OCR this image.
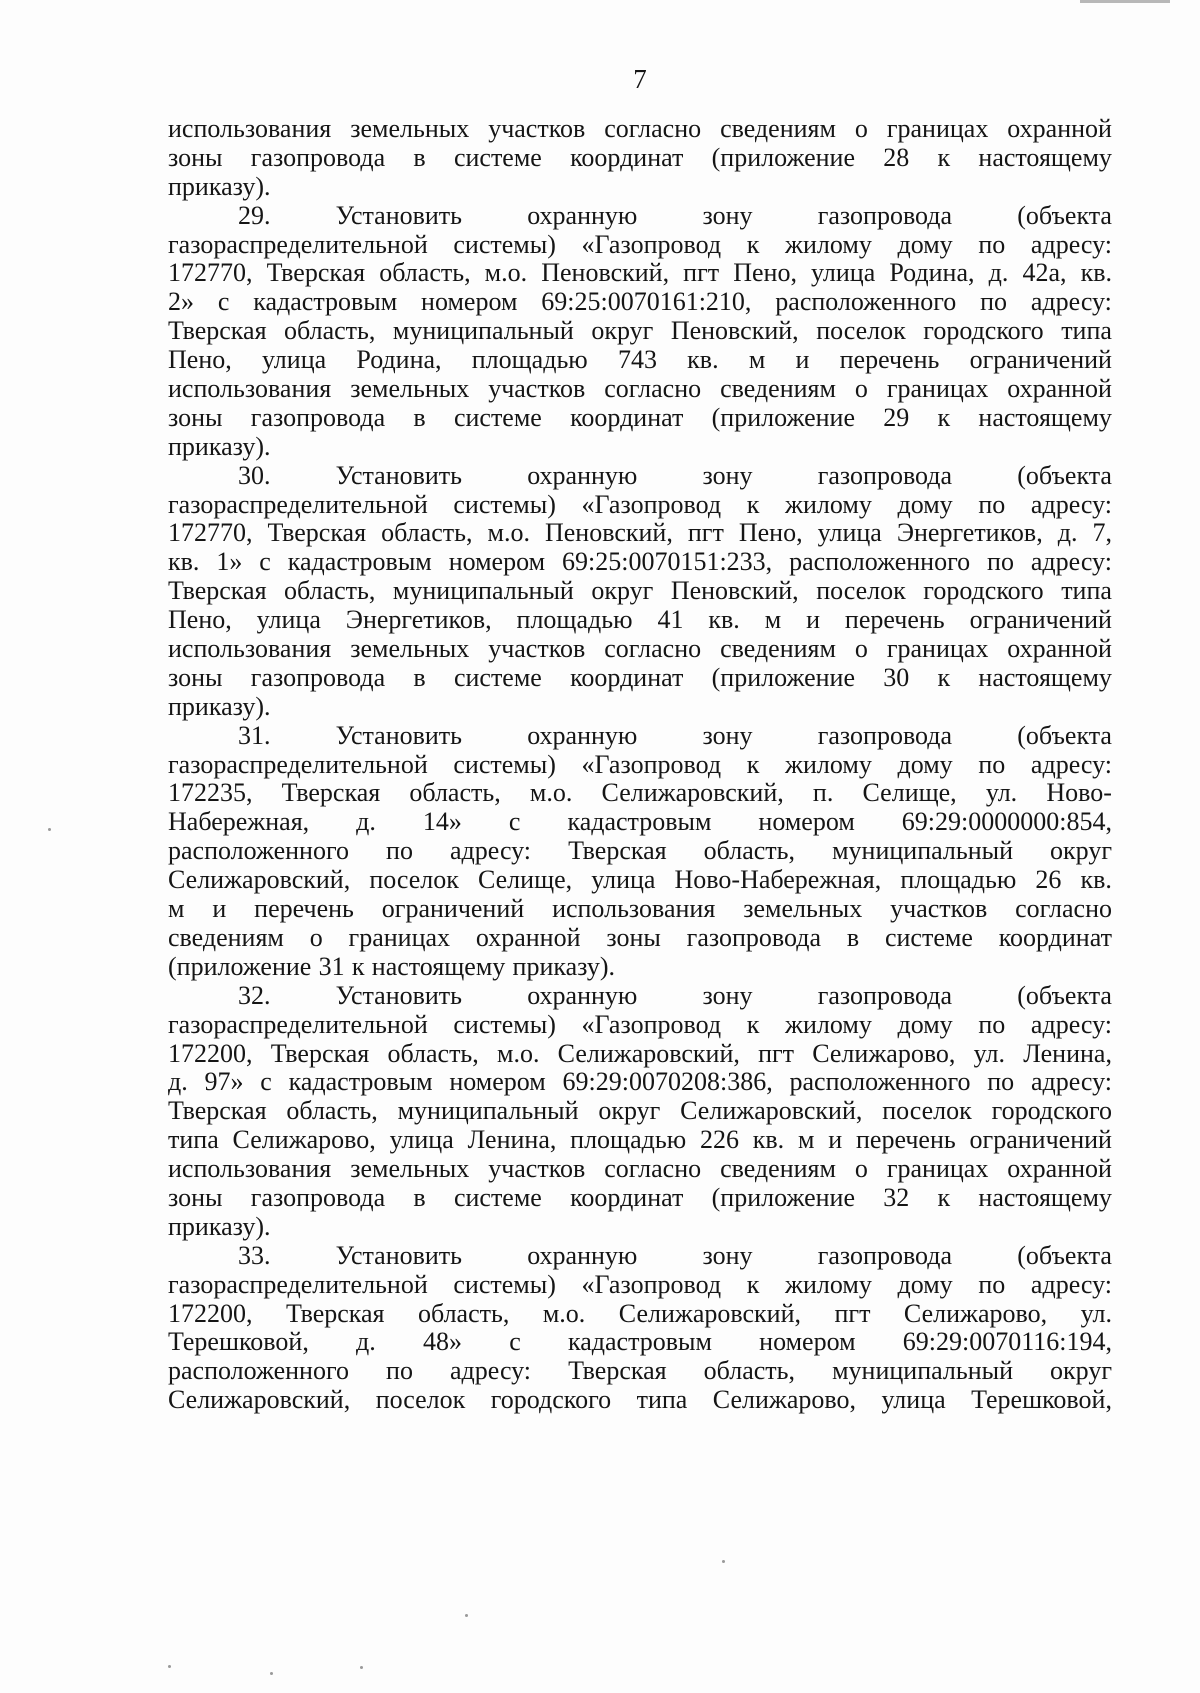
7
использования земельных участков согласно сведениям о границах охранной
зоны газопровода в системе координат (приложение 28 к настоящему
приказу).
29.	Установить	охранную	зону	газопровода	(объекта
газораспределительной системы) «Газопровод к жилому дому по адресу:
172770, Тверская область, м.о. Пеновский, пгт Пено, улица Родина, д. 42а, кв.
2» с кадастровым номером 69:25:0070161:210, расположенного по адресу:
Тверская область, муниципальный округ Пеновский, поселок городского типа
Пено, улица Родина, площадью 743 кв. м и перечень ограничений
использования земельных участков согласно сведениям о границах охранной
зоны газопровода в системе координат (приложение 29 к настоящему
приказу).
30.	Установить	охранную	зону	газопровода	(объекта
газораспределительной системы) «Газопровод к жилому дому по адресу:
172770, Тверская область, м.о. Пеновский, пгт Пено, улица Энергетиков, д. 7,
кв. 1» с кадастровым номером 69:25:0070151:233, расположенного по адресу:
Тверская область, муниципальный округ Пеновский, поселок городского типа
Пено, улица Энергетиков, площадью 41 кв. м и перечень ограничений
использования земельных участков согласно сведениям о границах охранной
зоны газопровода в системе координат (приложение 30 к настоящему
приказу).
31.	Установить	охранную	зону	газопровода	(объекта
газораспределительной системы) «Газопровод к жилому дому по адресу:
172235, Тверская область, м.о. Селижаровский, п. Селище, ул. Ново-
Набережная, д. 14» с кадастровым номером 69:29:0000000:854,
расположенного по адресу: Тверская область, муниципальный округ
Селижаровский, поселок Селище, улица Ново-Набережная, площадью 26 кв.
м и перечень ограничений использования земельных участков согласно
сведениям о границах охранной зоны газопровода в системе координат
(приложение 31 к настоящему приказу).
32.	Установить	охранную	зону	газопровода	(объекта
газораспределительной системы) «Газопровод к жилому дому по адресу:
172200, Тверская область, м.о. Селижаровский, пгт Селижарово, ул. Ленина,
д. 97» с кадастровым номером 69:29:0070208:386, расположенного по адресу:
Тверская область, муниципальный округ Селижаровский, поселок городского
типа Селижарово, улица Ленина, площадью 226 кв. м и перечень ограничений
использования земельных участков согласно сведениям о границах охранной
зоны газопровода в системе координат (приложение 32 к настоящему
приказу).
33.	Установить	охранную	зону	газопровода	(объекта
газораспределительной системы) «Газопровод к жилому дому по адресу:
172200, Тверская область, м.о. Селижаровский, пгт Селижарово, ул.
Терешковой, д. 48» с кадастровым номером 69:29:0070116:194,
расположенного по адресу: Тверская область, муниципальный округ
Селижаровский, поселок городского типа Селижарово, улица Терешковой,
